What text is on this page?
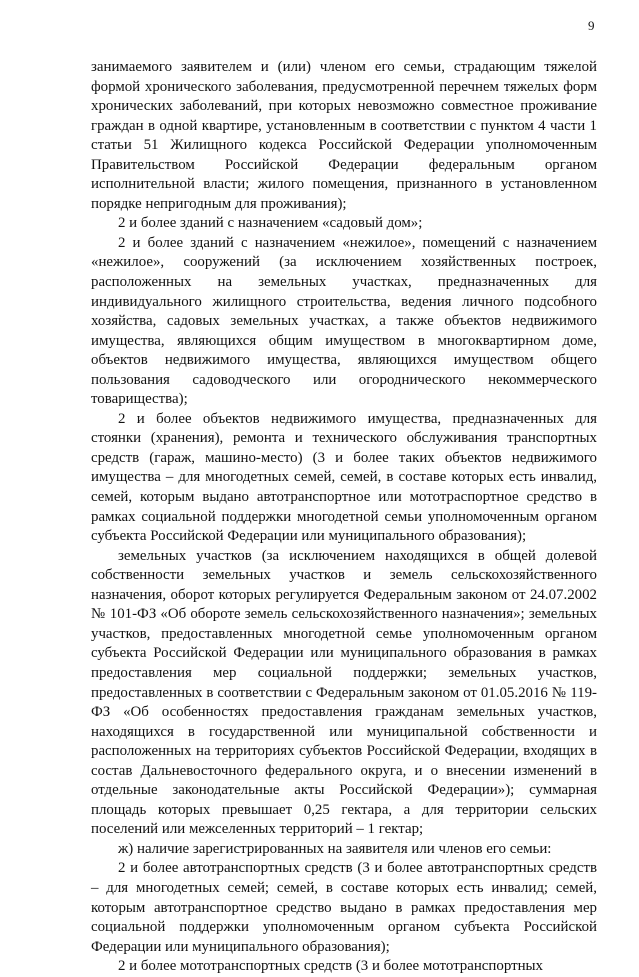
9

занимаемого заявителем и (или) членом его семьи, страдающим тяжелой формой хронического заболевания, предусмотренной перечнем тяжелых форм хронических заболеваний, при которых невозможно совместное проживание граждан в одной квартире, установленным в соответствии с пунктом 4 части 1 статьи 51 Жилищного кодекса Российской Федерации уполномоченным Правительством Российской Федерации федеральным органом исполнительной власти; жилого помещения, признанного в установленном порядке непригодным для проживания);

2 и более зданий с назначением «садовый дом»;

2 и более зданий с назначением «нежилое», помещений с назначением «нежилое», сооружений (за исключением хозяйственных построек, расположенных на земельных участках, предназначенных для индивидуального жилищного строительства, ведения личного подсобного хозяйства, садовых земельных участках, а также объектов недвижимого имущества, являющихся общим имуществом в многоквартирном доме, объектов недвижимого имущества, являющихся имуществом общего пользования садоводческого или огороднического некоммерческого товарищества);

2 и более объектов недвижимого имущества, предназначенных для стоянки (хранения), ремонта и технического обслуживания транспортных средств (гараж, машино-место) (3 и более таких объектов недвижимого имущества – для многодетных семей, семей, в составе которых есть инвалид, семей, которым выдано автотранспортное или мототраспортное средство в рамках социальной поддержки многодетной семьи уполномоченным органом субъекта Российской Федерации или муниципального образования);

земельных участков (за исключением находящихся в общей долевой собственности земельных участков и земель сельскохозяйственного назначения, оборот которых регулируется Федеральным законом от 24.07.2002 № 101-ФЗ «Об обороте земель сельскохозяйственного назначения»; земельных участков, предоставленных многодетной семье уполномоченным органом субъекта Российской Федерации или муниципального образования в рамках предоставления мер социальной поддержки; земельных участков, предоставленных в соответствии с Федеральным законом от 01.05.2016 № 119-ФЗ «Об особенностях предоставления гражданам земельных участков, находящихся в государственной или муниципальной собственности и расположенных на территориях субъектов Российской Федерации, входящих в состав Дальневосточного федерального округа, и о внесении изменений в отдельные законодательные акты Российской Федерации»); суммарная площадь которых превышает 0,25 гектара, а для территории сельских поселений или межселенных территорий – 1 гектар;

ж) наличие зарегистрированных на заявителя или членов его семьи:

2 и более автотранспортных средств (3 и более автотранспортных средств – для многодетных семей; семей, в составе которых есть инвалид; семей, которым автотранспортное средство выдано в рамках предоставления мер социальной поддержки уполномоченным органом субъекта Российской Федерации или муниципального образования);

2 и более мототранспортных средств (3 и более мототранспортных
